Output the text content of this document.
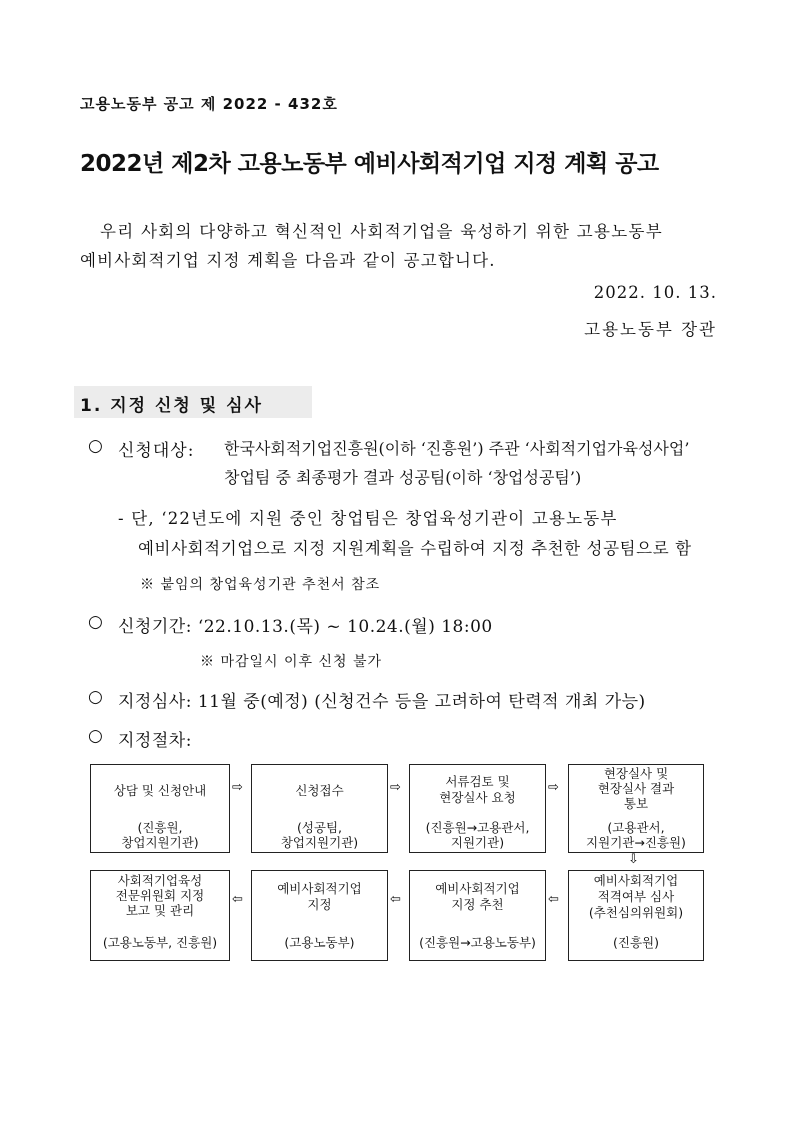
고용노동부 공고 제 2022 - 432호
2022년 제2차 고용노동부 예비사회적기업 지정 계획 공고
우리 사회의 다양하고 혁신적인 사회적기업을 육성하기 위한 고용노동부
예비사회적기업 지정 계획을 다음과 같이 공고합니다.
2022. 10. 13.
고용노동부 장관
1. 지정 신청 및 심사
○ 신청대상: 한국사회적기업진흥원(이하 ‘진흥원’) 주관 ‘사회적기업가육성사업’
창업팀 중 최종평가 결과 성공팀(이하 ‘창업성공팀’)
- 단, ‘22년도에 지원 중인 창업팀은 창업육성기관이 고용노동부
예비사회적기업으로 지정 지원계획을 수립하여 지정 추천한 성공팀으로 함
※ 붙임의 창업육성기관 추천서 참조
○ 신청기간: ‘22.10.13.(목) ~ 10.24.(월) 18:00
※ 마감일시 이후 신청 불가
○ 지정심사: 11월 중(예정) (신청건수 등을 고려하여 탄력적 개최 가능)
○ 지정절차:
상담 및 신청안내
(진흥원,
창업지원기관)
⇨	신청접수
(성공팀,
창업지원기관)
⇨	서류검토 및
현장실사 요청
(진흥원→고용관서,
지원기관)
⇨
현장실사 및
현장실사 결과
통보
(고용관서,
지원기관→진흥원)
⇩
사회적기업육성
전문위원회 지정
보고 및 관리
(고용노동부, 진흥원)
⇦
예비사회적기업
지정
(고용노동부)
⇦
예비사회적기업
지정 추천
(진흥원→고용노동부)
⇦
예비사회적기업
적격여부 심사
(추천심의위원회)
(진흥원)
